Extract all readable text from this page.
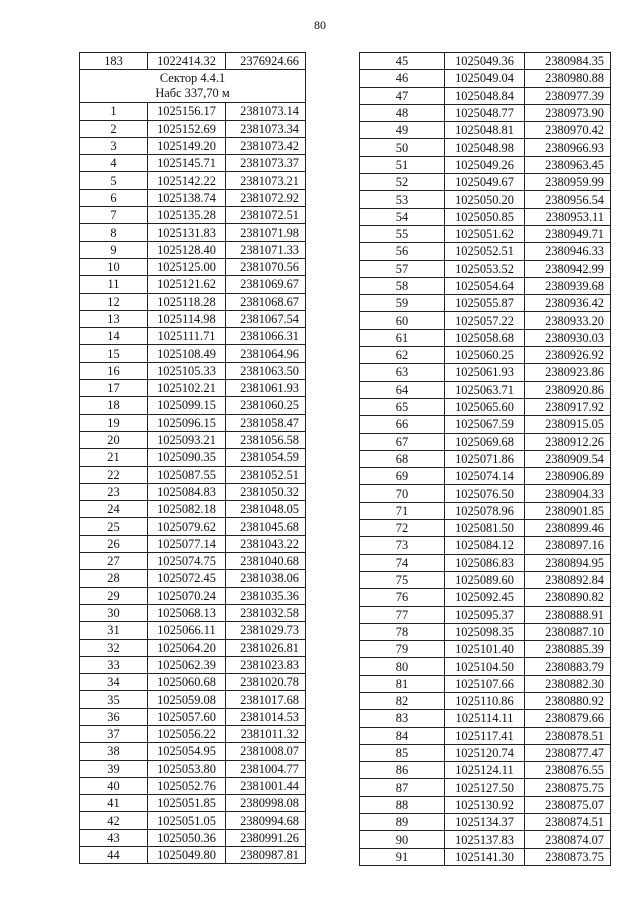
80
183	1022414.32	2376924.66

Сектор 4.4.1
Набс 337,70 м		

1	1025156.17	2381073.14
2	1025152.69	2381073.34
3	1025149.20	2381073.42
4	1025145.71	2381073.37
5	1025142.22	2381073.21
6	1025138.74	2381072.92
7	1025135.28	2381072.51
8	1025131.83	2381071.98
9	1025128.40	2381071.33
10	1025125.00	2381070.56
11	1025121.62	2381069.67
12	1025118.28	2381068.67
13	1025114.98	2381067.54
14	1025111.71	2381066.31
15	1025108.49	2381064.96
16	1025105.33	2381063.50
17	1025102.21	2381061.93
18	1025099.15	2381060.25
19	1025096.15	2381058.47
20	1025093.21	2381056.58
21	1025090.35	2381054.59
22	1025087.55	2381052.51
23	1025084.83	2381050.32
24	1025082.18	2381048.05
25	1025079.62	2381045.68
26	1025077.14	2381043.22
27	1025074.75	2381040.68
28	1025072.45	2381038.06
29	1025070.24	2381035.36
30	1025068.13	2381032.58
31	1025066.11	2381029.73
32	1025064.20	2381026.81
33	1025062.39	2381023.83
34	1025060.68	2381020.78
35	1025059.08	2381017.68
36	1025057.60	2381014.53
37	1025056.22	2381011.32
38	1025054.95	2381008.07
39	1025053.80	2381004.77
40	1025052.76	2381001.44
41	1025051.85	2380998.08
42	1025051.05	2380994.68
43	1025050.36	2380991.26
44	1025049.80	2380987.81
45	1025049.36	2380984.35
46	1025049.04	2380980.88
47	1025048.84	2380977.39
48	1025048.77	2380973.90
49	1025048.81	2380970.42
50	1025048.98	2380966.93
51	1025049.26	2380963.45
52	1025049.67	2380959.99
53	1025050.20	2380956.54
54	1025050.85	2380953.11
55	1025051.62	2380949.71
56	1025052.51	2380946.33
57	1025053.52	2380942.99
58	1025054.64	2380939.68
59	1025055.87	2380936.42
60	1025057.22	2380933.20
61	1025058.68	2380930.03
62	1025060.25	2380926.92
63	1025061.93	2380923.86
64	1025063.71	2380920.86
65	1025065.60	2380917.92
66	1025067.59	2380915.05
67	1025069.68	2380912.26
68	1025071.86	2380909.54
69	1025074.14	2380906.89
70	1025076.50	2380904.33
71	1025078.96	2380901.85
72	1025081.50	2380899.46
73	1025084.12	2380897.16
74	1025086.83	2380894.95
75	1025089.60	2380892.84
76	1025092.45	2380890.82
77	1025095.37	2380888.91
78	1025098.35	2380887.10
79	1025101.40	2380885.39
80	1025104.50	2380883.79
81	1025107.66	2380882.30
82	1025110.86	2380880.92
83	1025114.11	2380879.66
84	1025117.41	2380878.51
85	1025120.74	2380877.47
86	1025124.11	2380876.55
87	1025127.50	2380875.75
88	1025130.92	2380875.07
89	1025134.37	2380874.51
90	1025137.83	2380874.07
91	1025141.30	2380873.75
